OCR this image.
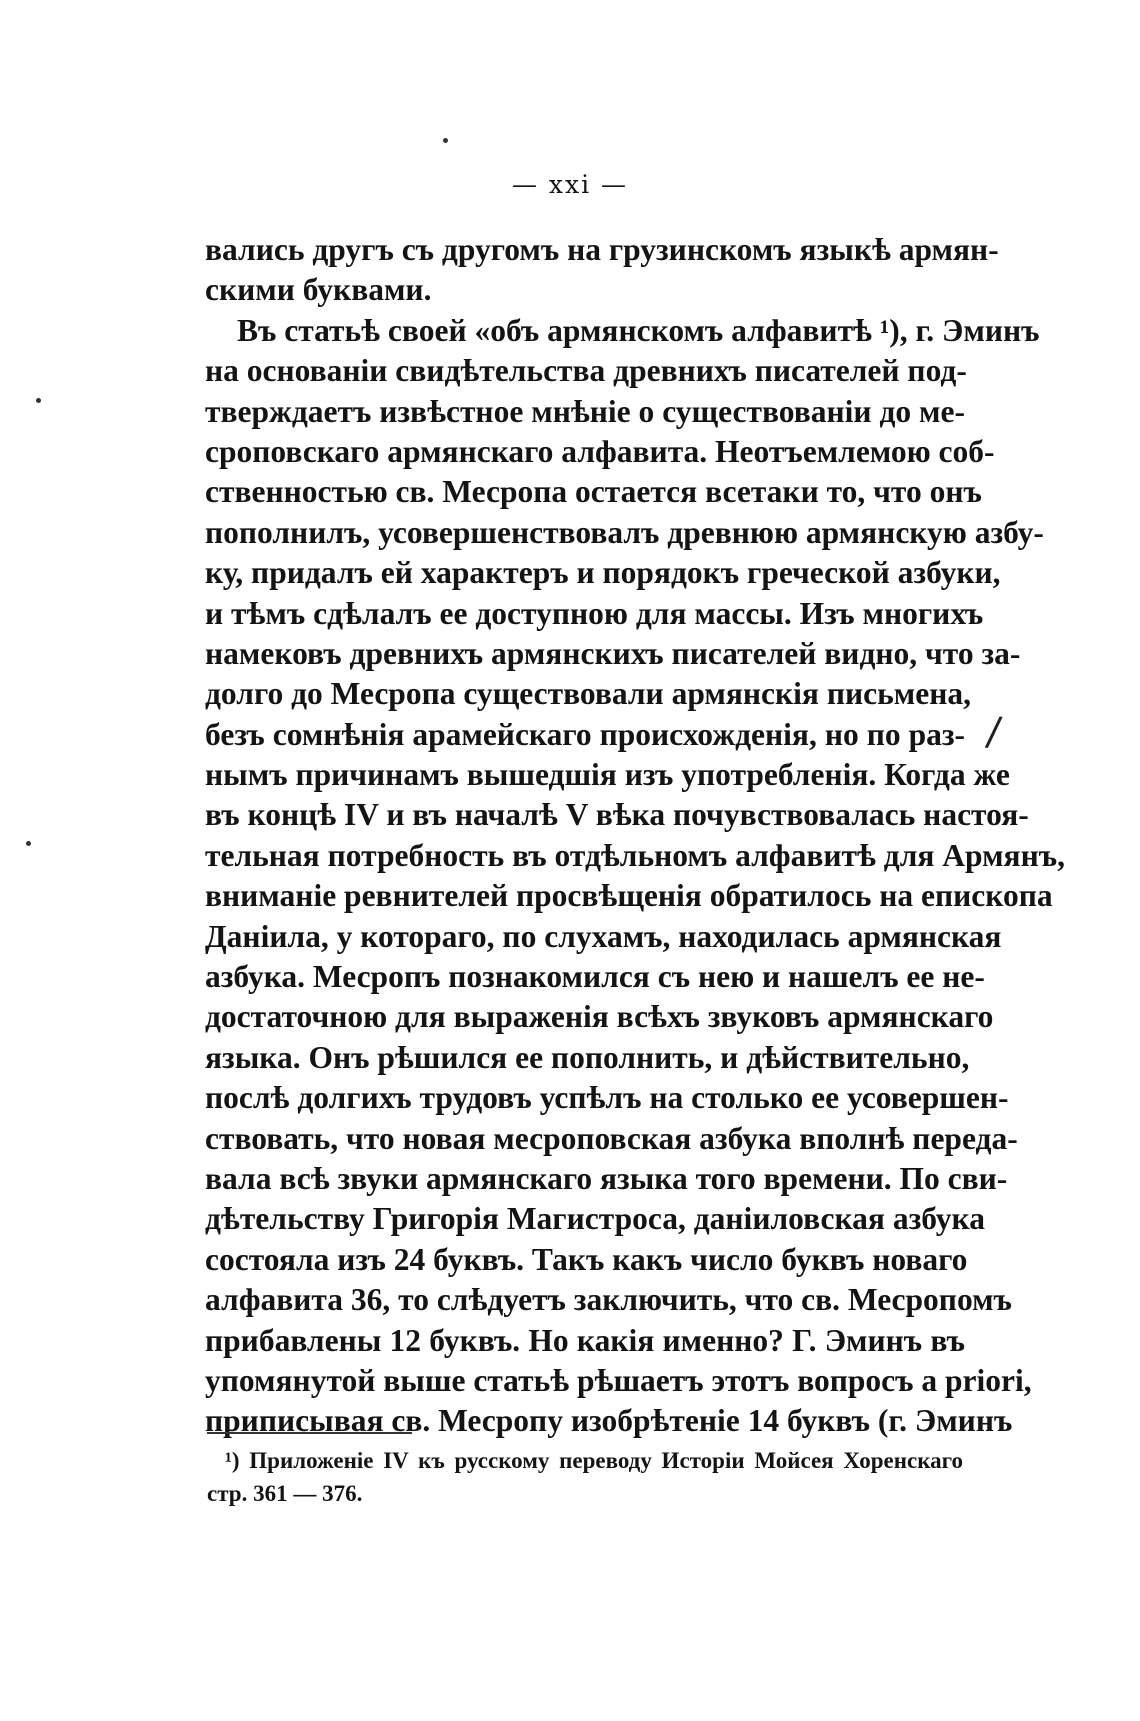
— xxi —
вались другъ съ другомъ на грузинскомъ языкѣ армян-
скими буквами.
Въ статьѣ своей «объ армянскомъ алфавитѣ ¹), г. Эминъ
на основаніи свидѣтельства древнихъ писателей под-
тверждаетъ извѣстное мнѣніе о существованіи до ме-
сроповскаго армянскаго алфавита. Неотъемлемою соб-
ственностью св. Месропа остается всетаки то, что онъ
пополнилъ, усовершенствовалъ древнюю армянскую азбу-
ку, придалъ ей характеръ и порядокъ греческой азбуки,
и тѣмъ сдѣлалъ ее доступною для массы. Изъ многихъ
намековъ древнихъ армянскихъ писателей видно, что за-
долго до Месропа существовали армянскія письмена,
безъ сомнѣнія арамейскаго происхожденія, но по раз-
нымъ причинамъ вышедшія изъ употребленія. Когда же
въ концѣ IV и въ началѣ V вѣка почувствовалась настоя-
тельная потребность въ отдѣльномъ алфавитѣ для Армянъ,
вниманіе ревнителей просвѣщенія обратилось на епископа
Даніила, у котораго, по слухамъ, находилась армянская
азбука. Месропъ познакомился съ нею и нашелъ ее не-
достаточною для выраженія всѣхъ звуковъ армянскаго
языка. Онъ рѣшился ее пополнить, и дѣйствительно,
послѣ долгихъ трудовъ успѣлъ на столько ее усовершен-
ствовать, что новая месроповская азбука вполнѣ переда-
вала всѣ звуки армянскаго языка того времени. По сви-
дѣтельству Григорія Магистроса, даніиловская азбука
состояла изъ 24 буквъ. Такъ какъ число буквъ новаго
алфавита 36, то слѣдуетъ заключить, что св. Месропомъ
прибавлены 12 буквъ. Но какія именно? Г. Эминъ въ
упомянутой выше статьѣ рѣшаетъ этотъ вопросъ a priori,
приписывая св. Месропу изобрѣтеніе 14 буквъ (г. Эминъ
¹) Приложеніе IV къ русскому переводу Исторіи Мойсея Хоренскаго
стр. 361 — 376.
/
